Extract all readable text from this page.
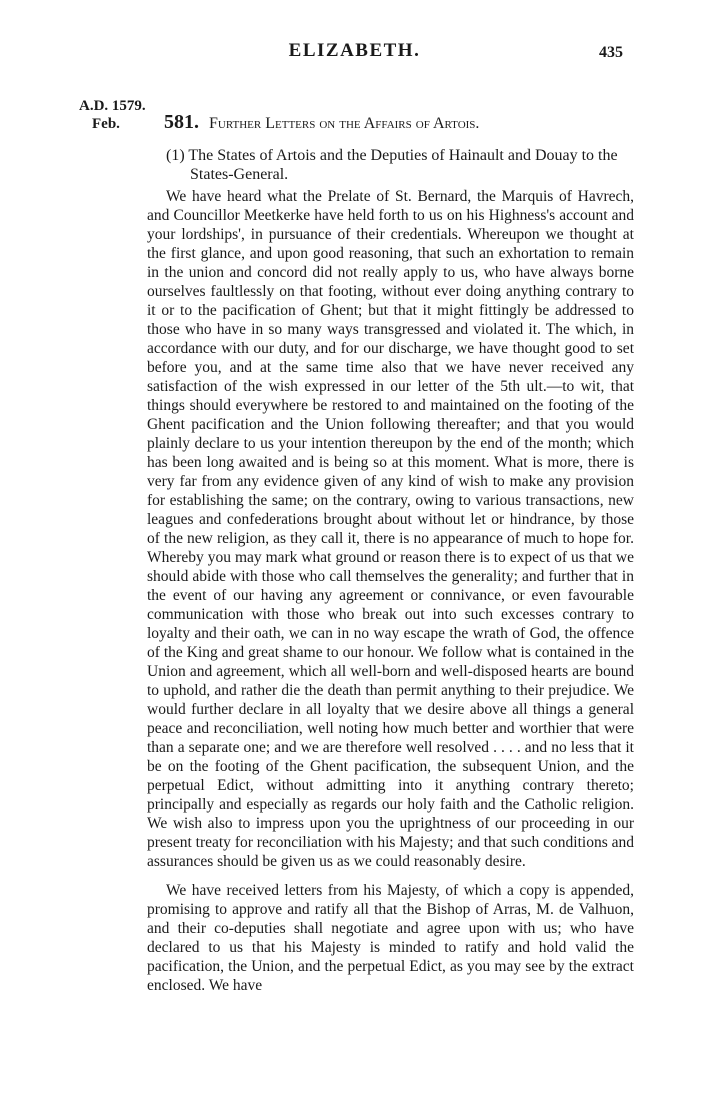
ELIZABETH.	435
A.D. 1579.
Feb. 581. Further Letters on the Affairs of Artois.
(1) The States of Artois and the Deputies of Hainault and Douay to the States-General.

We have heard what the Prelate of St. Bernard, the Marquis of Havrech, and Councillor Meetkerke have held forth to us on his Highness's account and your lordships', in pursuance of their credentials. Whereupon we thought at the first glance, and upon good reasoning, that such an exhortation to remain in the union and concord did not really apply to us, who have always borne ourselves faultlessly on that footing, without ever doing anything contrary to it or to the pacification of Ghent; but that it might fittingly be addressed to those who have in so many ways transgressed and violated it. The which, in accordance with our duty, and for our discharge, we have thought good to set before you, and at the same time also that we have never received any satisfaction of the wish expressed in our letter of the 5th ult.—to wit, that things should everywhere be restored to and maintained on the footing of the Ghent pacification and the Union following thereafter; and that you would plainly declare to us your intention thereupon by the end of the month; which has been long awaited and is being so at this moment. What is more, there is very far from any evidence given of any kind of wish to make any provision for establishing the same; on the contrary, owing to various transactions, new leagues and confederations brought about without let or hindrance, by those of the new religion, as they call it, there is no appearance of much to hope for. Whereby you may mark what ground or reason there is to expect of us that we should abide with those who call themselves the generality; and further that in the event of our having any agreement or connivance, or even favourable communication with those who break out into such excesses contrary to loyalty and their oath, we can in no way escape the wrath of God, the offence of the King and great shame to our honour. We follow what is contained in the Union and agreement, which all well-born and well-disposed hearts are bound to uphold, and rather die the death than permit anything to their prejudice. We would further declare in all loyalty that we desire above all things a general peace and reconciliation, well noting how much better and worthier that were than a separate one; and we are therefore well resolved . . . . and no less that it be on the footing of the Ghent pacification, the subsequent Union, and the perpetual Edict, without admitting into it anything contrary thereto; principally and especially as regards our holy faith and the Catholic religion. We wish also to impress upon you the uprightness of our proceeding in our present treaty for reconciliation with his Majesty; and that such conditions and assurances should be given us as we could reasonably desire.

We have received letters from his Majesty, of which a copy is appended, promising to approve and ratify all that the Bishop of Arras, M. de Valhuon, and their co-deputies shall negotiate and agree upon with us; who have declared to us that his Majesty is minded to ratify and hold valid the pacification, the Union, and the perpetual Edict, as you may see by the extract enclosed. We have
